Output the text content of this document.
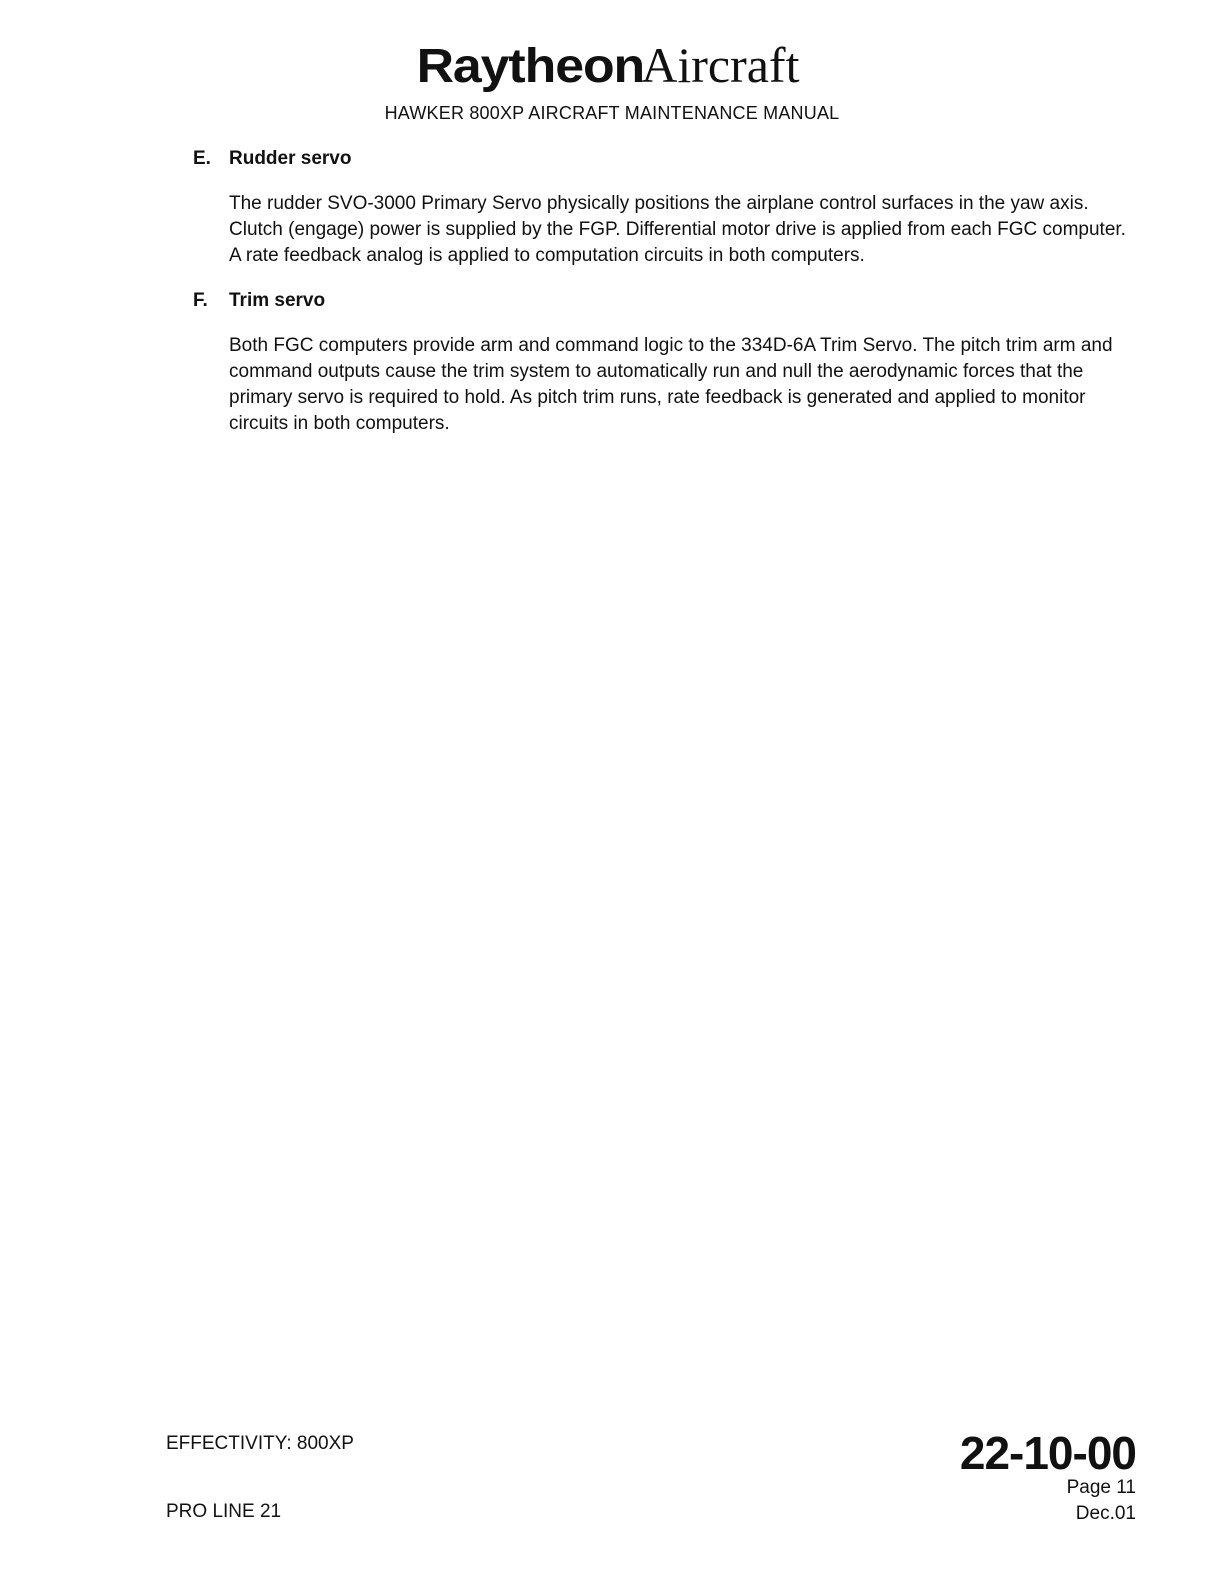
RaytheonAircraft
HAWKER 800XP AIRCRAFT MAINTENANCE MANUAL
E. Rudder servo
The rudder SVO-3000 Primary Servo physically positions the airplane control surfaces in the yaw axis. Clutch (engage) power is supplied by the FGP. Differential motor drive is applied from each FGC computer. A rate feedback analog is applied to computation circuits in both computers.
F. Trim servo
Both FGC computers provide arm and command logic to the 334D-6A Trim Servo. The pitch trim arm and command outputs cause the trim system to automatically run and null the aerodynamic forces that the primary servo is required to hold. As pitch trim runs, rate feedback is generated and applied to monitor circuits in both computers.
EFFECTIVITY: 800XP
PRO LINE 21
22-10-00
Page 11
Dec.01
